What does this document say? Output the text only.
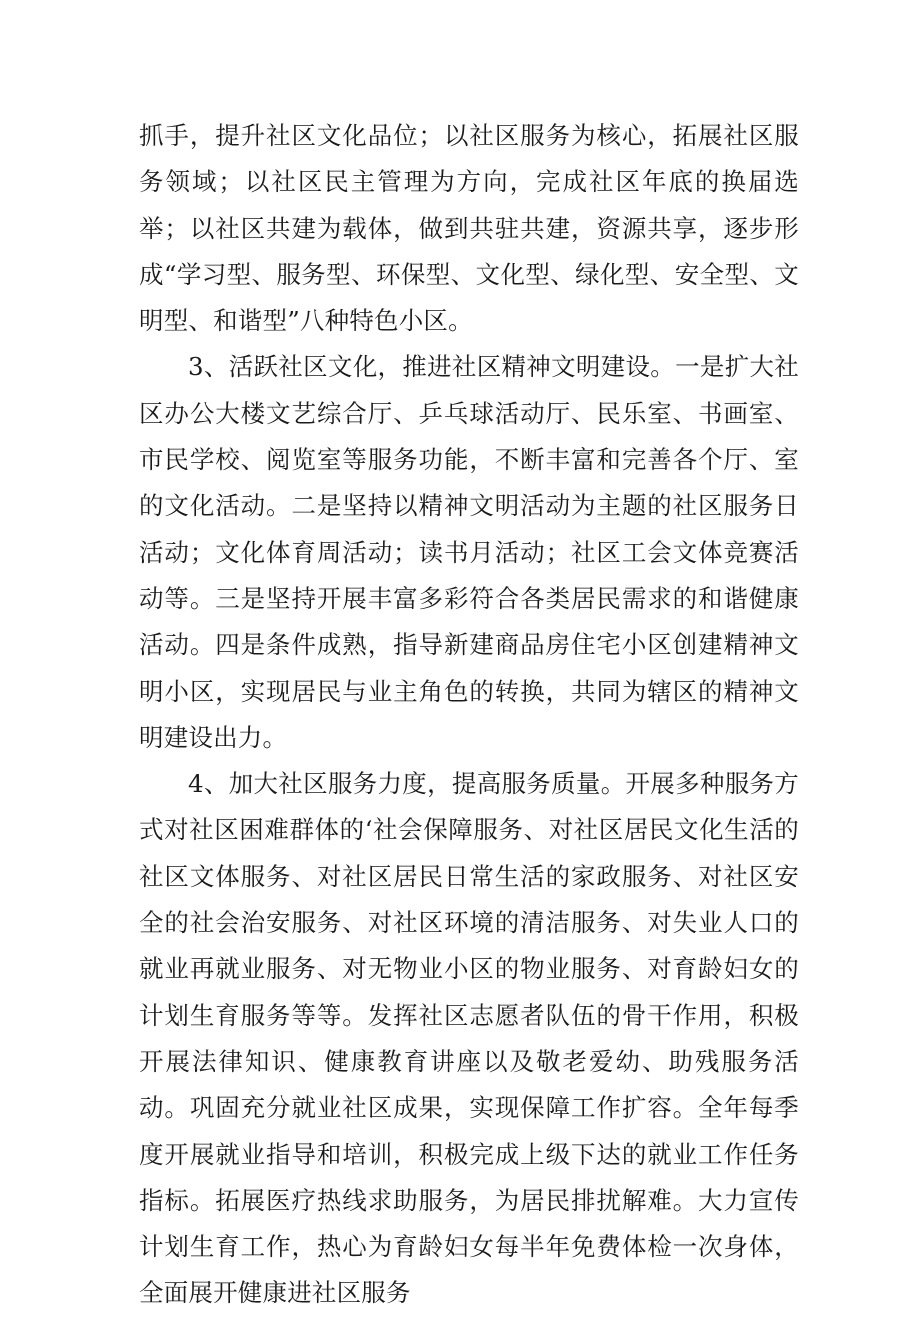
抓手，提升社区文化品位；以社区服务为核心，拓展社区服务领域；以社区民主管理为方向，完成社区年底的换届选举；以社区共建为载体，做到共驻共建，资源共享，逐步形成“学习型、服务型、环保型、文化型、绿化型、安全型、文明型、和谐型”八种特色小区。

3、活跃社区文化，推进社区精神文明建设。一是扩大社区办公大楼文艺综合厅、乒乓球活动厅、民乐室、书画室、市民学校、阅览室等服务功能，不断丰富和完善各个厅、室的文化活动。二是坚持以精神文明活动为主题的社区服务日活动；文化体育周活动；读书月活动；社区工会文体竞赛活动等。三是坚持开展丰富多彩符合各类居民需求的和谐健康活动。四是条件成熟，指导新建商品房住宅小区创建精神文明小区，实现居民与业主角色的转换，共同为辖区的精神文明建设出力。

4、加大社区服务力度，提高服务质量。开展多种服务方式对社区困难群体的‘社会保障服务、对社区居民文化生活的社区文体服务、对社区居民日常生活的家政服务、对社区安全的社会治安服务、对社区环境的清洁服务、对失业人口的就业再就业服务、对无物业小区的物业服务、对育龄妇女的计划生育服务等等。发挥社区志愿者队伍的骨干作用，积极开展法律知识、健康教育讲座以及敬老爱幼、助残服务活动。巩固充分就业社区成果，实现保障工作扩容。全年每季度开展就业指导和培训，积极完成上级下达的就业工作任务指标。拓展医疗热线求助服务，为居民排扰解难。大力宣传计划生育工作，热心为育龄妇女每半年免费体检一次身体，全面展开健康进社区服务
